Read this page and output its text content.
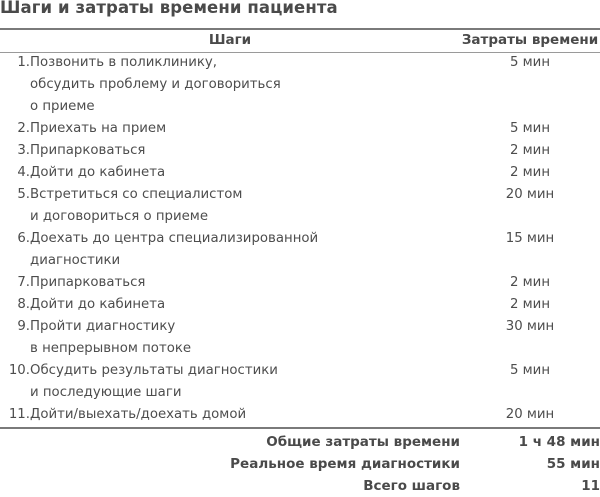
Шаги и затраты времени пациента
Шаги		Затраты времени
1.	Позвонить в поликлинику,
обсудить проблему и договориться
о приеме	5 мин
2.	Приехать на прием	5 мин
3.	Припарковаться	2 мин
4.	Дойти до кабинета	2 мин
5.	Встретиться со специалистом
и договориться о приеме	20 мин
6.	Доехать до центра специализированной
диагностики	15 мин
7.	Припарковаться	2 мин
8.	Дойти до кабинета	2 мин
9.	Пройти диагностику
в непрерывном потоке	30 мин
10.	Обсудить результаты диагностики
и последующие шаги	5 мин
11.	Дойти/выехать/доехать домой	20 мин
Общие затраты времени	1 ч 48 мин
Реальное время диагностики	55 мин
Всего шагов	11
